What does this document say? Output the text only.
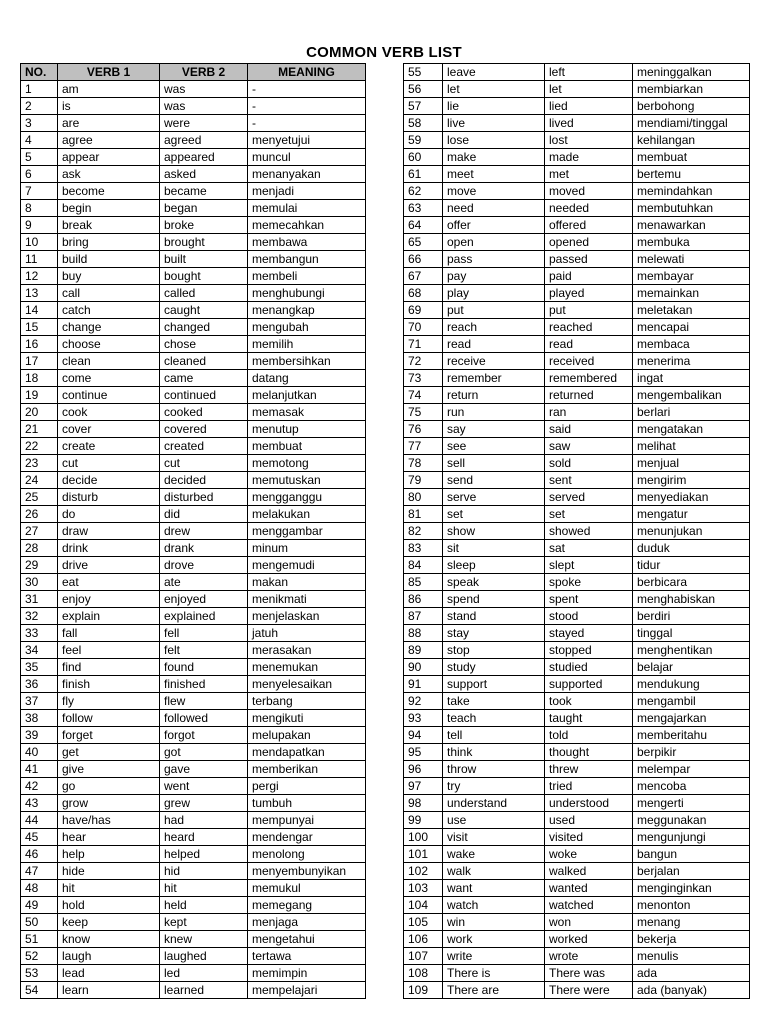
COMMON VERB LIST
NO.	VERB 1	VERB 2	MEANING
1	am	was	-
2	is	was	-
3	are	were	-
4	agree	agreed	menyetujui
5	appear	appeared	muncul
6	ask	asked	menanyakan
7	become	became	menjadi
8	begin	began	memulai
9	break	broke	memecahkan
10	bring	brought	membawa
11	build	built	membangun
12	buy	bought	membeli
13	call	called	menghubungi
14	catch	caught	menangkap
15	change	changed	mengubah
16	choose	chose	memilih
17	clean	cleaned	membersihkan
18	come	came	datang
19	continue	continued	melanjutkan
20	cook	cooked	memasak
21	cover	covered	menutup
22	create	created	membuat
23	cut	cut	memotong
24	decide	decided	memutuskan
25	disturb	disturbed	mengganggu
26	do	did	melakukan
27	draw	drew	menggambar
28	drink	drank	minum
29	drive	drove	mengemudi
30	eat	ate	makan
31	enjoy	enjoyed	menikmati
32	explain	explained	menjelaskan
33	fall	fell	jatuh
34	feel	felt	merasakan
35	find	found	menemukan
36	finish	finished	menyelesaikan
37	fly	flew	terbang
38	follow	followed	mengikuti
39	forget	forgot	melupakan
40	get	got	mendapatkan
41	give	gave	memberikan
42	go	went	pergi
43	grow	grew	tumbuh
44	have/has	had	mempunyai
45	hear	heard	mendengar
46	help	helped	menolong
47	hide	hid	menyembunyikan
48	hit	hit	memukul
49	hold	held	memegang
50	keep	kept	menjaga
51	know	knew	mengetahui
52	laugh	laughed	tertawa
53	lead	led	memimpin
54	learn	learned	mempelajari
55	leave	left	meninggalkan
56	let	let	membiarkan
57	lie	lied	berbohong
58	live	lived	mendiami/tinggal
59	lose	lost	kehilangan
60	make	made	membuat
61	meet	met	bertemu
62	move	moved	memindahkan
63	need	needed	membutuhkan
64	offer	offered	menawarkan
65	open	opened	membuka
66	pass	passed	melewati
67	pay	paid	membayar
68	play	played	memainkan
69	put	put	meletakan
70	reach	reached	mencapai
71	read	read	membaca
72	receive	received	menerima
73	remember	remembered	ingat
74	return	returned	mengembalikan
75	run	ran	berlari
76	say	said	mengatakan
77	see	saw	melihat
78	sell	sold	menjual
79	send	sent	mengirim
80	serve	served	menyediakan
81	set	set	mengatur
82	show	showed	menunjukan
83	sit	sat	duduk
84	sleep	slept	tidur
85	speak	spoke	berbicara
86	spend	spent	menghabiskan
87	stand	stood	berdiri
88	stay	stayed	tinggal
89	stop	stopped	menghentikan
90	study	studied	belajar
91	support	supported	mendukung
92	take	took	mengambil
93	teach	taught	mengajarkan
94	tell	told	memberitahu
95	think	thought	berpikir
96	throw	threw	melempar
97	try	tried	mencoba
98	understand	understood	mengerti
99	use	used	meggunakan
100	visit	visited	mengunjungi
101	wake	woke	bangun
102	walk	walked	berjalan
103	want	wanted	menginginkan
104	watch	watched	menonton
105	win	won	menang
106	work	worked	bekerja
107	write	wrote	menulis
108	There is	There was	ada
109	There are	There were	ada (banyak)
